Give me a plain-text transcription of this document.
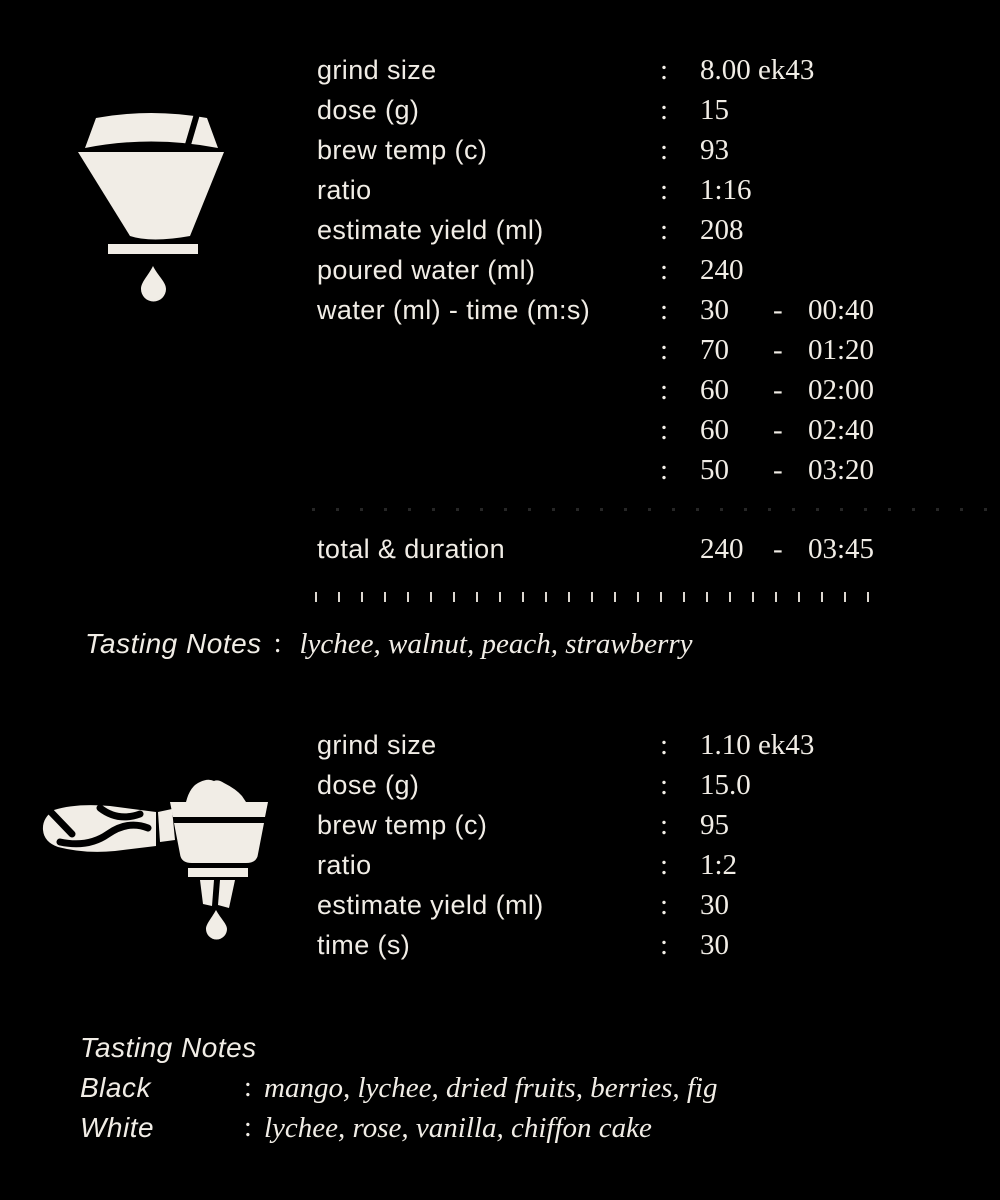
grind size	:	8.00 ek43
dose (g)	:	15
brew temp (c)	:	93
ratio	:	1:16
estimate yield (ml)	:	208
poured water (ml)	:	240
water (ml) - time (m:s)	:	30	- 00:40
:	70	- 01:20
:	60	- 02:00
:	60	- 02:40
:	50	- 03:20
total & duration	240	- 03:45
Tasting Notes : lychee, walnut, peach, strawberry
grind size	:	1.10 ek43
dose (g)	:	15.0
brew temp (c)	:	95
ratio	:	1:2
estimate yield (ml)	:	30
time (s)	:	30
Tasting Notes
Black	: mango, lychee, dried fruits, berries, fig
White	: lychee, rose, vanilla, chiffon cake
